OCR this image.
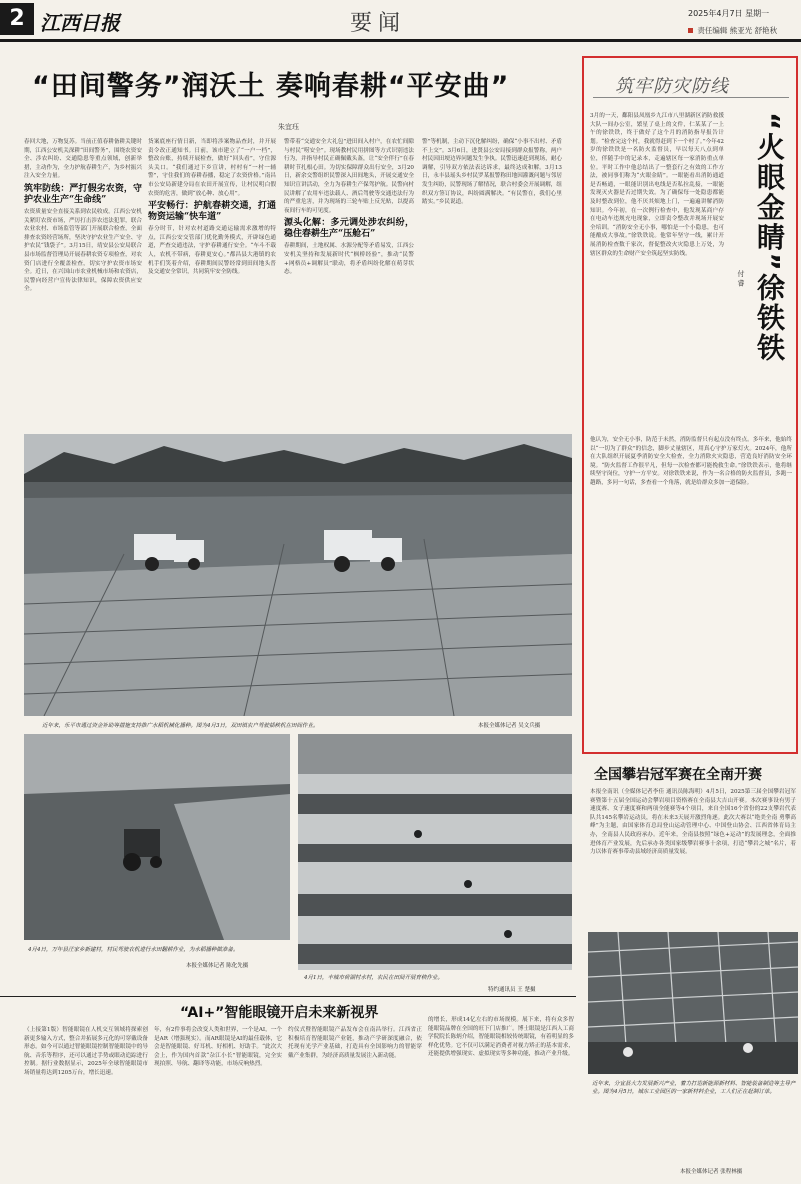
2 江西日报	要闻	2025年4月7日 星期一
责任编辑 熊亚光 舒艳秋
“田间警务”润沃土 奏响春耕“平安曲”
朱宜珏

春回大地，万物复苏。当前正值春耕备耕关键时期，江西公安机关深耕“田间警务”，围绕农资安全、涉农纠纷、交通隐患等重点领域，创新举措，主动作为，全力护航春耕生产，为乡村振兴注入安全力量。

筑牢防线：严打假劣农资，守护农业生产“生命线”

农资质量安全直接关系到农民收成。江西公安机关紧盯农资市场，严厉打击涉农违法犯罪，联合农业农村、市场监管等部门开展联合检查，全面排查农资经营场所，坚决守护农业生产安全、守护农民“钱袋子”。3月15日，靖安县公安局联合县市场监督管理局开展春耕农资专项检查，对农资门店进行全覆盖检查，切实守护农资市场安全。近日，在兴国山市农业机械市场和农资店，民警向经营户宣传法律知识，保障农资供应安全。

货案底座行情日新，当即将涉案物品查封，并开展责令改正通知书。日前，该市建立了“一户一档”，整改台账，持续开展检查，做好“回头看”，守住源头关口。“我们通过下乡宣讲，村村有“一村一辅警”，守住我们的春耕春播，稳定了农资价格。”南昌市公安局新建分局在农田开展宣传，让村民明白假农资的危害，做到“放心种、放心用”。

平安畅行：护航春耕交通，打通物资运输“快车道”

春分时节，针对农村道路交通运输需求激增的特点，江西公安交管部门优化勤务模式，开辟绿色通道，严查交通违法，守护春耕通行安全。“车斗不载人，农机不带病，春耕更安心。”都昌县大港镇的农机手们笑着介绍，春耕期间民警经常到田间地头普及交通安全常识，共同筑牢安全防线。

警带着“交通安全大礼包”进田间入村户，在农忙间隙与村民“唠安全”。现场教村民用拼图等方式识别违法行为，并指导村民正确佩戴头盔，让“安全伴行”在春耕时节扎根心田。为切实保障群众出行安全，3月20日，新余交警组织民警深入田间地头，开展交通安全知识宣讲活动，全力为春耕生产保驾护航。民警向村民讲解了农用车违法载人、酒后驾驶等交通违法行为的严重危害，并为现场的三轮车贴上反光贴，以提高夜间行车的可见度。

源头化解：多元调处涉农纠纷，稳住春耕生产“压舱石”

春耕期间，土地权属、水源分配等矛盾易发，江西公安机关坚持和发展新时代“枫桥经验”，推动“民警+网格员+调解员”联动，将矛盾纠纷化解在萌芽状态。

警”等机制，主动下沉化解纠纷，确保“小事不出村、矛盾不上交”。3月6日，进贤县公安局接到群众报警称，两户村民因田埂边界问题发生争执。民警迅速赶到现场，耐心调解，引导双方依法表达诉求，最终达成和解。3月13日，永丰县瑶头乡村民罗某报警称田地因灌溉问题与邻居发生纠纷，民警现场了解情况，联合村委会开展调解，组织双方签订协议，纠纷圆满解决。“有民警在，我们心里踏实。”乡民说道。

近年来，乐平市通过资金补助等措施支持推广水稻机械化播种。图为4月3日，双田镇农户驾驶插秧机在田间作业。	本报全媒体记者 吴文兵摄
4月4日，万年县汪家乡新建村，村民驾驶农机进行水田翻耕作业，为水稻播种做准备。
本报全媒体记者 陈化先摄
4月1日，丰城市荷湖村水村，农民在田间开展育秧作业。
特约通讯员 王 楚摄
筑牢防灾防线

3月的一天，鄱阳县凤凰乡九江市八里湖新区消防救援大队一间办公室，繁星了桌上的文件，仁某某了一上午的徐铁铁，终于做好了这个月的消防指导报告计划。“检查完这个村，我就得赶到下一个村了。”今年42岁的徐铁铁是一名防火监督员，早以每天八点到单位，伴随手中的记录本，走遍辖区每一家消防重点单位。平时工作中他总结出了一整套行之有效的工作方法，被同事们称为“火眼金睛”。一眼能看出消防通道是否畅通，一眼能识别出电线是否私拉乱接，一眼能发现灭火器是否过期失效。为了确保每一处隐患都能及时整改到位，他不厌其烦地上门，一遍遍讲解消防知识。今年初，在一次例行检查中，他发现某商户存在电动车违规充电现象，立即责令整改并现场开展安全培训。“消防安全无小事，哪怕是一个小隐患，也可能酿成大事故。”徐铁铁说。他常年坚守一线，累计开展消防检查数千家次，督促整改火灾隐患上万处，为辖区群众的生命财产安全筑起坚实防线。	“火眼金睛”徐铁铁
付 睿

他认为，安全无小事，防范于未然，消防监督只有起点没有终点。多年来，他始终以“一切为了群众”的信念，脚步丈量辖区，用真心守护万家灯火。2024年，他所在大队组织开展夏季消防安全大检查，全力消除火灾隐患，营造良好消防安全环境。“防火监督工作很平凡，但每一次检查都可能挽救生命。”徐铁铁表示，他将继续坚守岗位，守护一方平安。对徐铁铁来说，作为一名合格的防火监督员，多跑一趟路，多问一句话，多查看一个角落，就是给群众多加一道保险。

全国攀岩冠军赛在全南开赛

本报全南讯（全媒体记者李佳 通讯员陈海明）4月5日，2025第三届全国攀岩冠军赛暨第十五届全国运动会攀岩项目资格赛在全南县大吉山开赛。本次赛事设有男子速度赛、女子速度赛和两项全能赛等4个项目，来自全国16个省份的22支攀岩代表队共145名攀岩运动员，将在未来3天展开激烈角逐。此次大赛以“绝美全南 勇攀高峰”为主题，由国家体育总局登山运动管理中心、中国登山协会、江西省体育局主办，全南县人民政府承办。近年来，全南县按照“绿色+运动”的发展理念，全面推进体育产业发展，先后承办各类国家级攀岩赛事十余项，打造“攀岩之城”名片，着力以体育赛事带动县域经济高质量发展。

近年来，分宜县大力发展新兴产业，着力打造新能源新材料、智能装备制造等主导产业。图为4月5日，城东工业园区的一家新材料企业，工人们正在赶制订单。
本报全媒体记者 张程林摄
“AI+”智能眼镜开启未来新视界

（上接第1版）智能眼镜在人机交互领域将探索创新更多输入方式，整合并拓展多元化的可穿戴设备形态。如今可以通过智能眼镜控制智能眼镜中的导航、音乐等程序，还可以通过手势或眼动追踪进行控制。据行业数据显示，2025年全球智能眼镜市场销量将达到1205万台，增长迅速。

年，有2件事将会改变人类和世界，一个是AI，一个是AR（增强现实）。而AR眼镜是AI的最佳载体，它会是智能眼镜、好耳机、好相机、好助手。“此次大会上，作为国内首款“杂江小长”智能眼镜，完全实现拍照、导航、翻译等功能，市场反响热烈。

约仪式暨智能眼镜产品发布会在南昌举行。江西省正积极培育智能眼镜产业链，推动产学研深度融合，依托现有光学产业基础，打造具有全国影响力的智能穿戴产业集群，为经济高质量发展注入新动能。

的增长，形成14亿左右的市场规模。展下来，将有众多智能眼镜品牌在全国的旺下门店推广。博士眼镜是江西人工商学院院长陈炳介绍，智能眼镜相较传统眼镜，有着明显的多样化优势。它不仅可以满足消费者对视力矫正的基本需求，还能提供增强现实、虚拟现实等多种功能，推动产业升级。
